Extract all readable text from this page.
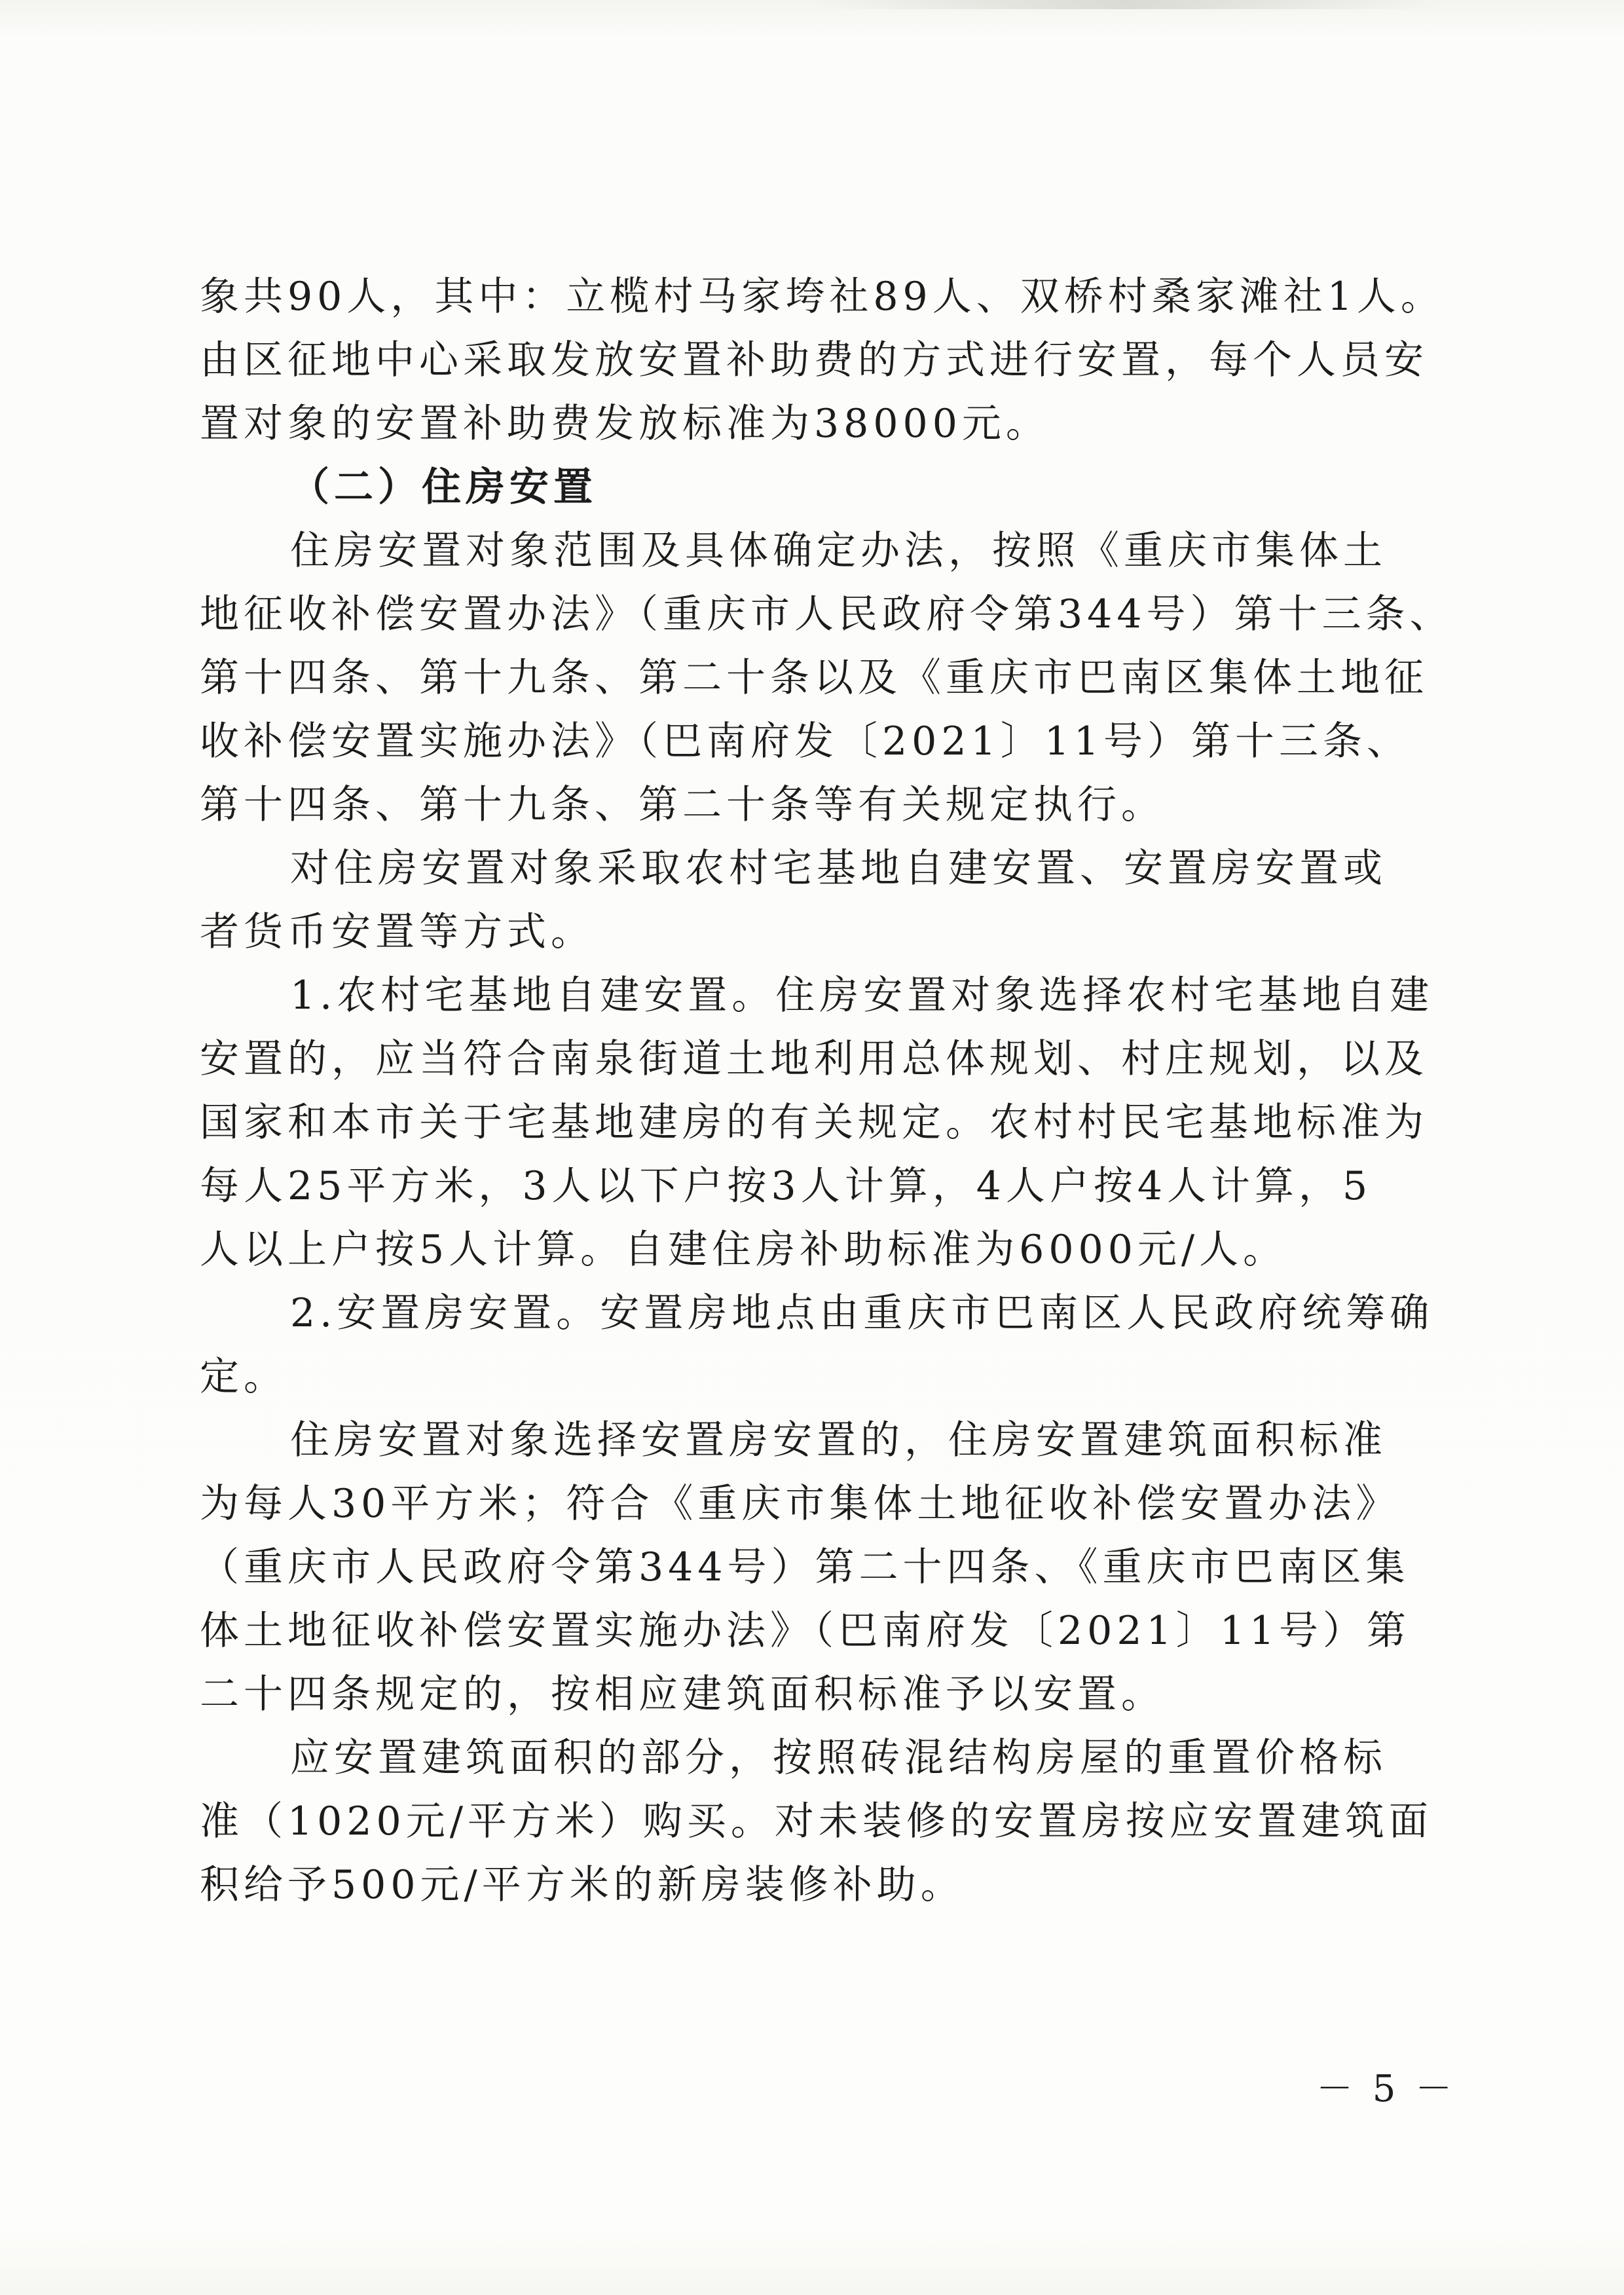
象共90人，其中：立榄村马家垮社89人、双桥村桑家滩社1人。
由区征地中心采取发放安置补助费的方式进行安置，每个人员安
置对象的安置补助费发放标准为38000元。
（二）住房安置
住房安置对象范围及具体确定办法，按照《重庆市集体土
地征收补偿安置办法》（重庆市人民政府令第344号）第十三条、
第十四条、第十九条、第二十条以及《重庆市巴南区集体土地征
收补偿安置实施办法》（巴南府发〔2021〕11号）第十三条、
第十四条、第十九条、第二十条等有关规定执行。
对住房安置对象采取农村宅基地自建安置、安置房安置或
者货币安置等方式。
1.农村宅基地自建安置。住房安置对象选择农村宅基地自建
安置的，应当符合南泉街道土地利用总体规划、村庄规划，以及
国家和本市关于宅基地建房的有关规定。农村村民宅基地标准为
每人25平方米，3人以下户按3人计算，4人户按4人计算，5
人以上户按5人计算。自建住房补助标准为6000元/人。
2.安置房安置。安置房地点由重庆市巴南区人民政府统筹确
定。
住房安置对象选择安置房安置的，住房安置建筑面积标准
为每人30平方米；符合《重庆市集体土地征收补偿安置办法》
（重庆市人民政府令第344号）第二十四条、《重庆市巴南区集
体土地征收补偿安置实施办法》（巴南府发〔2021〕11号）第
二十四条规定的，按相应建筑面积标准予以安置。
应安置建筑面积的部分，按照砖混结构房屋的重置价格标
准（1020元/平方米）购买。对未装修的安置房按应安置建筑面
积给予500元/平方米的新房装修补助。
－ 5 －
